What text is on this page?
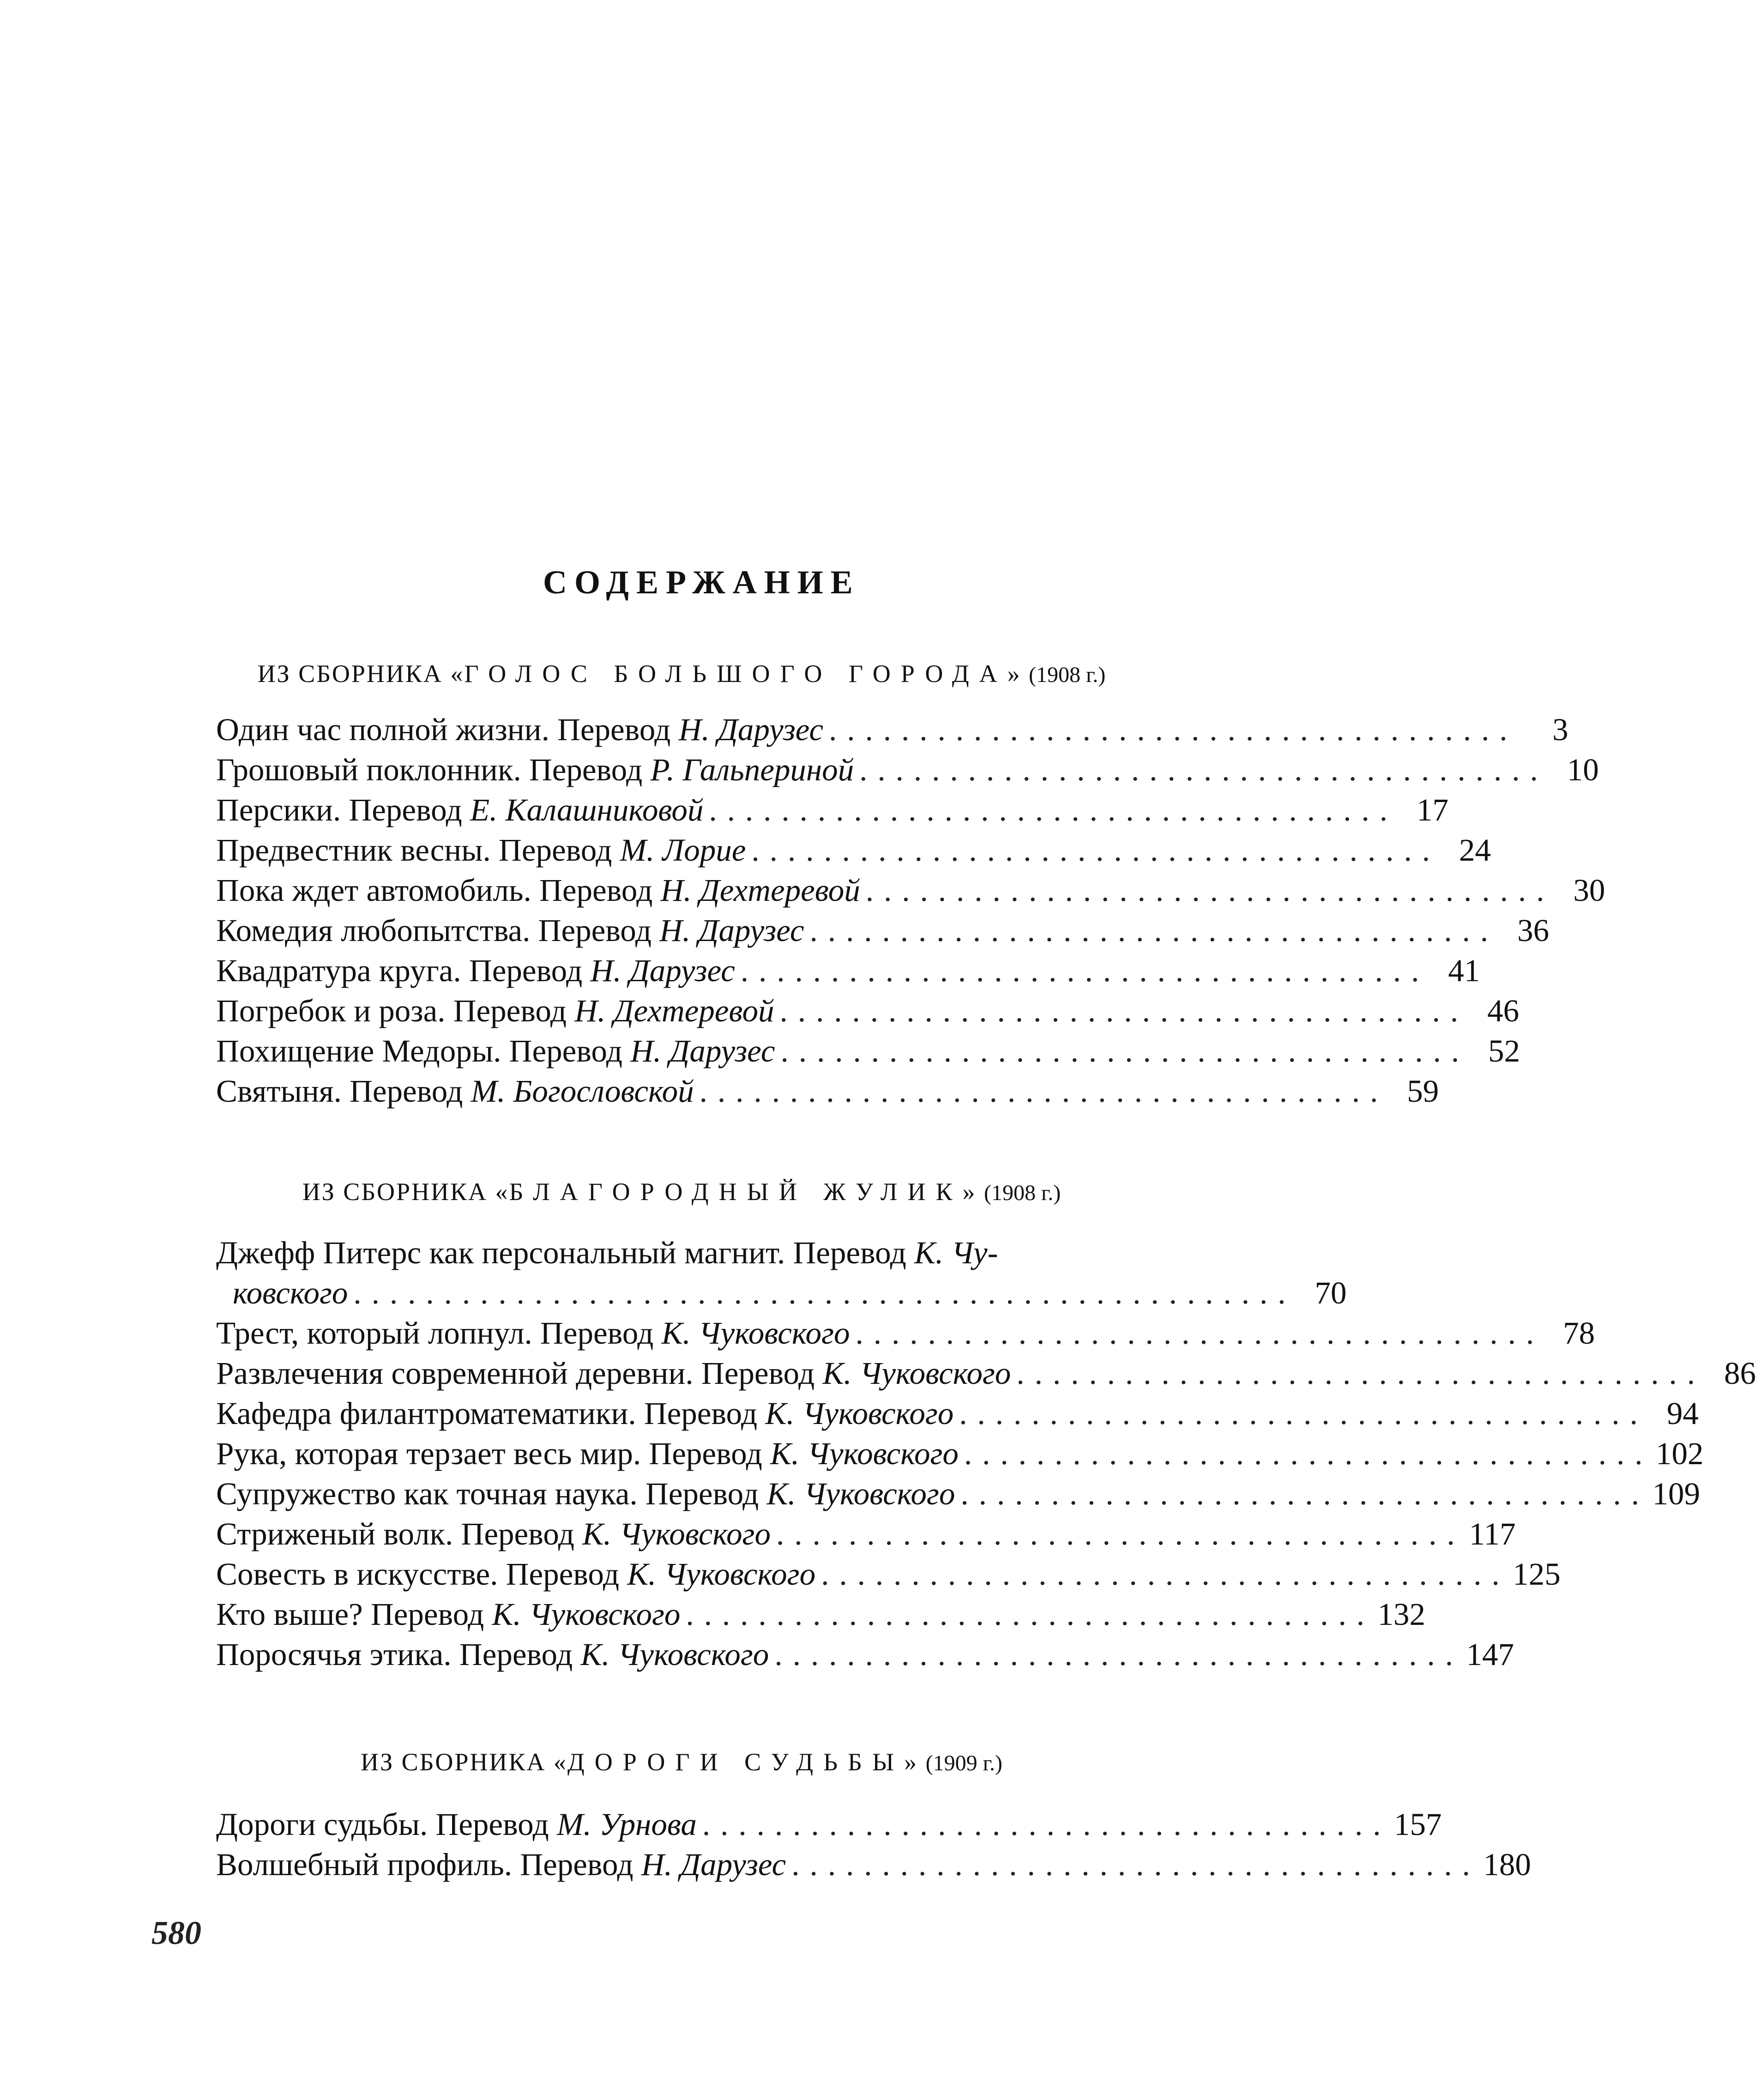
СОДЕРЖАНИЕ
ИЗ СБОРНИКА «ГОЛОС БОЛЬШОГО ГОРОДА» (1908 г.)
Один час полной жизни. Перевод
Н. Дарузес ......................................	3
Грошовый поклонник. Перевод
Р. Гальпериной ...................................... 10
Персики. Перевод
Е. Калашниковой ...................................... 17
Предвестник весны. Перевод
М. Лорие ...................................... 24
Пока ждет автомобиль. Перевод
Н. Дехтеревой ...................................... 30
Комедия любопытства. Перевод
Н. Дарузес ...................................... 36
Квадратура круга. Перевод
Н. Дарузес ...................................... 41
Погребок и роза. Перевод
Н. Дехтеревой ...................................... 46
Похищение Медоры. Перевод
Н. Дарузес ...................................... 52
Святыня. Перевод
М. Богословской ...................................... 59
ИЗ СБОРНИКА «БЛАГОРОДНЫЙ ЖУЛИК» (1908 г.)
Джефф Питерс как персональный магнит. Перевод
К. Чу-
ковского .................................................... 70
Трест, который лопнул. Перевод
К. Чуковского ...................................... 78
Развлечения современной деревни. Перевод
К. Чуковского ...................................... 86
Кафедра филантроматематики. Перевод
К. Чуковского ...................................... 94
Рука, которая терзает весь мир. Перевод
К. Чуковского ...................................... 102
Супружество как точная наука. Перевод
К. Чуковского ...................................... 109
Стриженый волк. Перевод
К. Чуковского ...................................... 117
Совесть в искусстве. Перевод
К. Чуковского ...................................... 125
Кто выше? Перевод
К. Чуковского ...................................... 132
Поросячья этика. Перевод
К. Чуковского ...................................... 147
ИЗ СБОРНИКА «ДОРОГИ СУДЬБЫ» (1909 г.)
Дороги судьбы. Перевод
М. Урнова ...................................... 157
Волшебный профиль. Перевод
Н. Дарузес ...................................... 180
580
